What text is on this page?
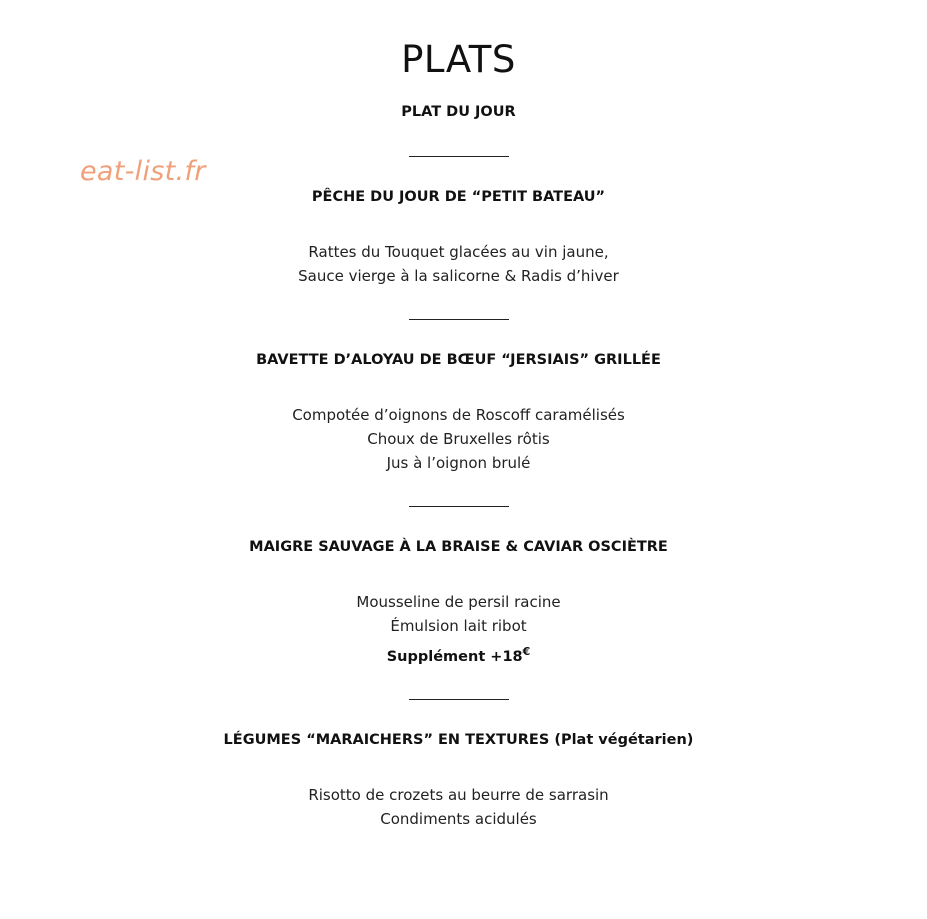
eat-list.fr
PLATS
PLAT DU JOUR
PÊCHE DU JOUR DE “PETIT BATEAU”
Rattes du Touquet glacées au vin jaune,
Sauce vierge à la salicorne & Radis d’hiver
BAVETTE D’ALOYAU DE BŒUF “JERSIAIS” GRILLÉE
Compotée d’oignons de Roscoff caramélisés
Choux de Bruxelles rôtis
Jus à l’oignon brulé
MAIGRE SAUVAGE À LA BRAISE & CAVIAR OSCIÈTRE
Mousseline de persil racine
Émulsion lait ribot
Supplément +18€
LÉGUMES “MARAICHERS” EN TEXTURES (Plat végétarien)
Risotto de crozets au beurre de sarrasin
Condiments acidulés
